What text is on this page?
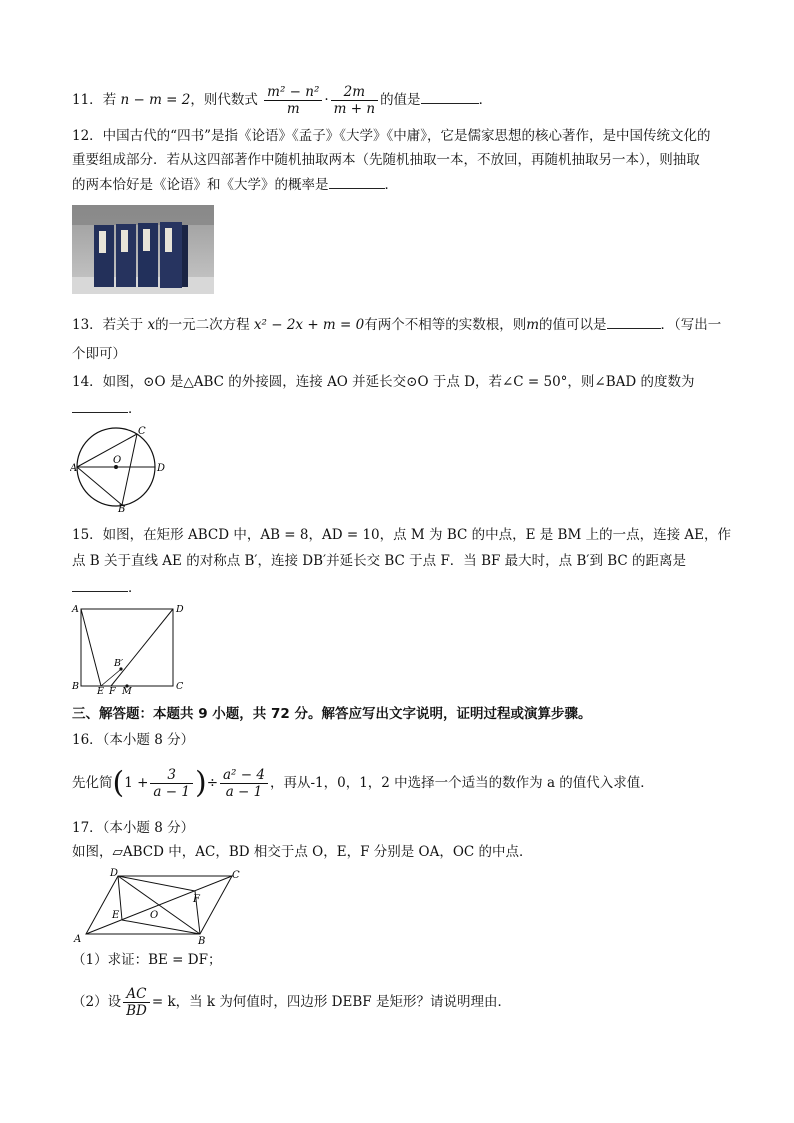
11．若 n − m = 2，则代数式 $\frac{\text{m² − n²}}{m} \cdot \frac{2m}{m + n}$ 的值是	．
12．中国古代的“四书”是指《论语》《孟子》《大学》《中庸》，它是儒家思想的核心著作，是中国传统文化的
重要组成部分．若从这四部著作中随机抽取两本（先随机抽取一本，不放回，再随机抽取另一本），则抽取
的两本恰好是《论语》和《大学》的概率是	．
13．若关于 x的一元二次方程 x² − 2x + m = 0有两个不相等的实数根，则m的值可以是	．（写出一
个即可）
14．如图，⊙O 是△ABC 的外接圆，连接 AO 并延长交⊙O 于点 D，若∠C = 50°，则∠BAD 的度数为
．
A
B
C
D
O
15．如图，在矩形 ABCD 中，AB = 8，AD = 10，点 M 为 BC 的中点，E 是 BM 上的一点，连接 AE，作
点 B 关于直线 AE 的对称点 B′，连接 DB′并延长交 BC 于点 F．当 BF 最大时，点 B′到 BC 的距离是
．
A	D
B	C
E F M
B′
三、解答题：本题共 9 小题，共 72 分。解答应写出文字说明，证明过程或演算步骤。
16．（本小题 8 分）
先化简($1 + \frac{3}{a - 1}$ )÷ $\frac{\text{a² − 4}}{a - 1}$ ，再从-1，0，1，2 中选择一个适当的数作为 a 的值代入求值．
17．（本小题 8 分）
如图，▱ABCD 中，AC，BD 相交于点 O，E，F 分别是 OA，OC 的中点．
A	B
C
D
E
F
O
（1）求证：BE = DF；
（2）设 $\frac{AC}{BD} = k$，当 k 为何值时，四边形 DEBF 是矩形？请说明理由．
